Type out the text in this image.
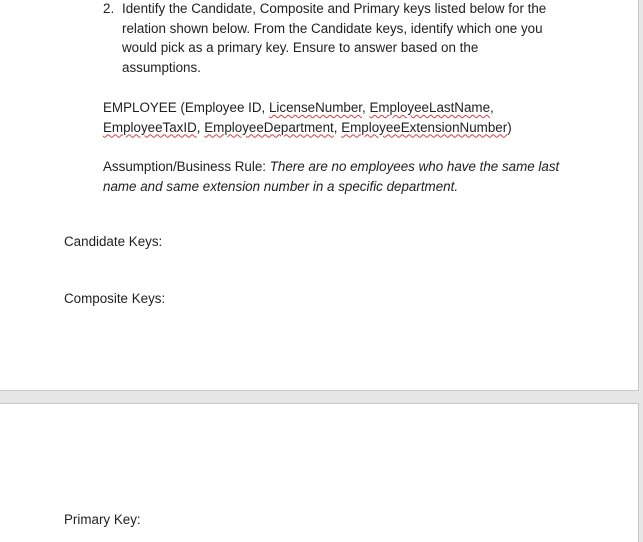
2. Identify the Candidate, Composite and Primary keys listed below for the
relation shown below. From the Candidate keys, identify which one you
would pick as a primary key. Ensure to answer based on the
assumptions.
EMPLOYEE (Employee ID, LicenseNumber, EmployeeLastName,
EmployeeTaxID, EmployeeDepartment, EmployeeExtensionNumber)
Assumption/Business Rule: There are no employees who have the same last
name and same extension number in a specific department.
Candidate Keys:
Composite Keys:
Primary Key:
